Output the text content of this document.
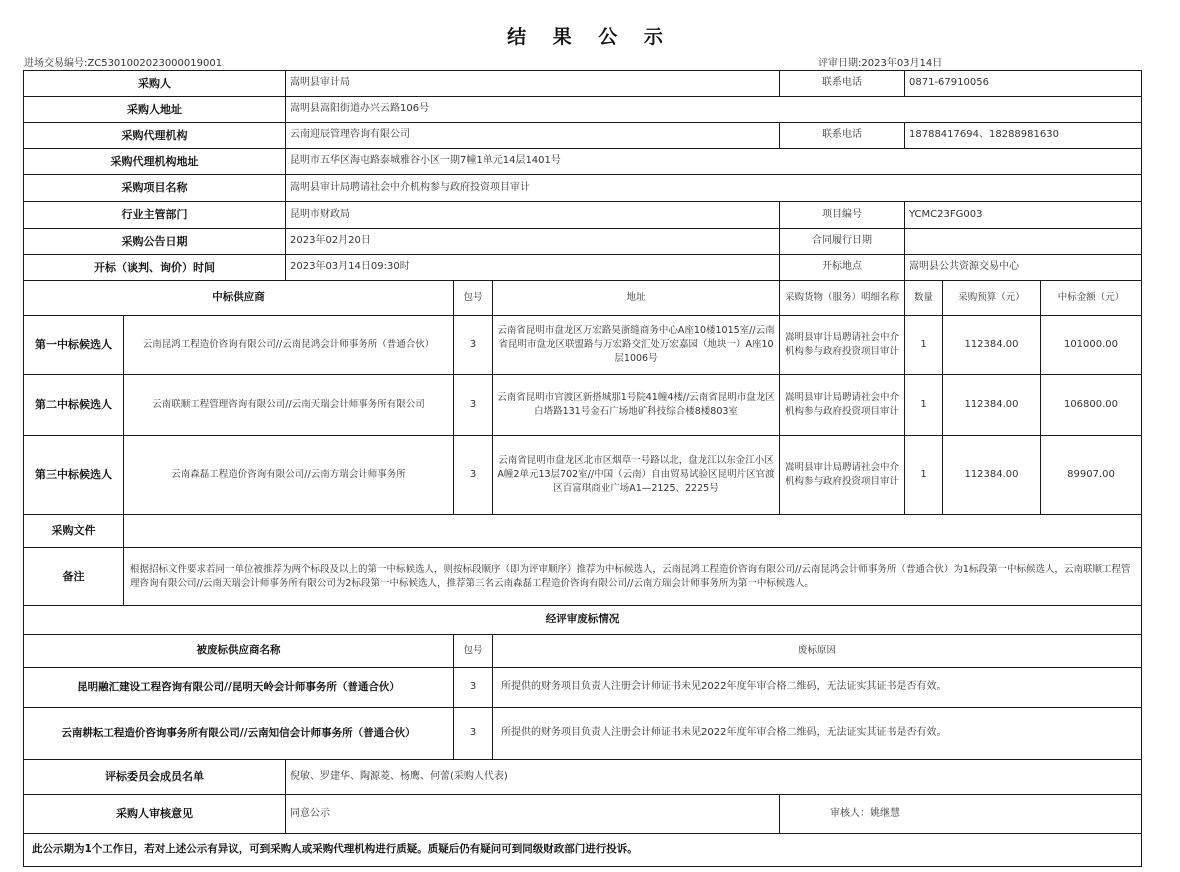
结 果 公 示
进场交易编号:ZC5301002023000019001	评审日期:2023年03月14日
采购人		嵩明县审计局			联系电话	0871-67910056		
采购人地址		嵩明县嵩阳街道办兴云路106号						
采购代理机构		云南迎辰管理咨询有限公司			联系电话	18788417694、18288981630		
采购代理机构地址		昆明市五华区海屯路泰城雅谷小区一期7幢1单元14层1401号						
采购项目名称		嵩明县审计局聘请社会中介机构参与政府投资项目审计						
行业主管部门		昆明市财政局			项目编号	YCMC23FG003		
采购公告日期		2023年02月20日			合同履行日期			
开标（谈判、询价）时间		2023年03月14日09:30时			开标地点	嵩明县公共资源交易中心		
中标供应商			包号	地址	采购货物（服务）明细名称	数量	采购预算（元）	中标金额（元）
第一中标候选人	云南昆鸿工程造价咨询有限公司//云南昆鸿会计师事务所（普通合伙）		3	云南省昆明市盘龙区万宏路昊浙缝商务中心A座10楼1015室//云南省昆明市盘龙区联盟路与万宏路交汇处万宏嘉园（地块一）A座10层1006号	嵩明县审计局聘请社会中介机构参与政府投资项目审计	1	112384.00	101000.00
第二中标候选人	云南联顺工程管理咨询有限公司//云南天瑞会计师事务所有限公司		3	云南省昆明市官渡区新搭城那1号院41幢4楼//云南省昆明市盘龙区白塔路131号金石广场地矿科技综合楼8楼803室	嵩明县审计局聘请社会中介机构参与政府投资项目审计	1	112384.00	106800.00
第三中标候选人	云南森磊工程造价咨询有限公司//云南方瑞会计师事务所		3	云南省昆明市盘龙区北市区烟草一号路以北，盘龙江以东金江小区A幢2单元13层702室//中国（云南）自由贸易试验区昆明片区官渡区百富琪商业广场A1—2125、2225号	嵩明县审计局聘请社会中介机构参与政府投资项目审计	1	112384.00	89907.00
采购文件								
备注	根据招标文件要求若同一单位被推荐为两个标段及以上的第一中标候选人，则按标段顺序（即为评审顺序）推荐为中标候选人，云南昆鸿工程造价咨询有限公司//云南昆鸿会计师事务所（普通合伙）为1标段第一中标候选人，云南联顺工程管理咨询有限公司//云南天瑞会计师事务所有限公司为2标段第一中标候选人，推荐第三名云南森磊工程造价咨询有限公司//云南方瑞会计师事务所为第一中标候选人。							
经评审废标情况								
被废标供应商名称			包号	废标原因				
昆明融汇建设工程咨询有限公司//昆明天岭会计师事务所（普通合伙）			3	所提供的财务项目负责人注册会计师证书未见2022年度年审合格二维码，无法证实其证书是否有效。				
云南耕耘工程造价咨询事务所有限公司//云南知信会计师事务所（普通合伙）			3	所提供的财务项目负责人注册会计师证书未见2022年度年审合格二维码，无法证实其证书是否有效。				
评标委员会成员名单		倪敏、罗建华、陶源菱、杨鹰、何蕾(采购人代表)						
采购人审核意见		同意公示			审核人：姚继慧			
此公示期为1个工作日，若对上述公示有异议，可到采购人或采购代理机构进行质疑。质疑后仍有疑问可到同级财政部门进行投诉。								
